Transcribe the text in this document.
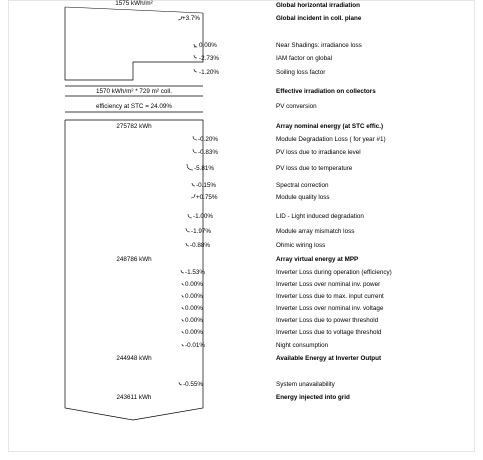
1575 kWh/m²
1570 kWh/m² * 729 m² coll.
efficiency at STC = 24.09%
+3.7%
0.00%
-2.73%
-1.20%
Global horizontal irradiation
Global incident in coll. plane
Near Shadings: irradiance loss
IAM factor on global
Soiling loss factor
Effective irradiation on collectors
PV conversion
275782 kWh
248786 kWh
244948 kWh
243611 kWh
-0.20%
-0.83%
-5.81%
-0.15%
+0.75%
-1.00%
-1.97%
-0.88%
-1.53%
0.00%
0.00%
0.00%
0.00%
0.00%
-0.01%
-0.55%
Array nominal energy (at STC effic.)
Module Degradation Loss ( for year #1)
PV loss due to irradiance level
PV loss due to temperature
Spectral correction
Module quality loss
LID - Light induced degradation
Module array mismatch loss
Ohmic wiring loss
Array virtual energy at MPP
Inverter Loss during operation (efficiency)
Inverter Loss over nominal inv. power
Inverter Loss due to max. input current
Inverter Loss over nominal inv. voltage
Inverter Loss due to power threshold
Inverter Loss due to voltage threshold
Night consumption
Available Energy at Inverter Output
System unavailability
Energy injected into grid
